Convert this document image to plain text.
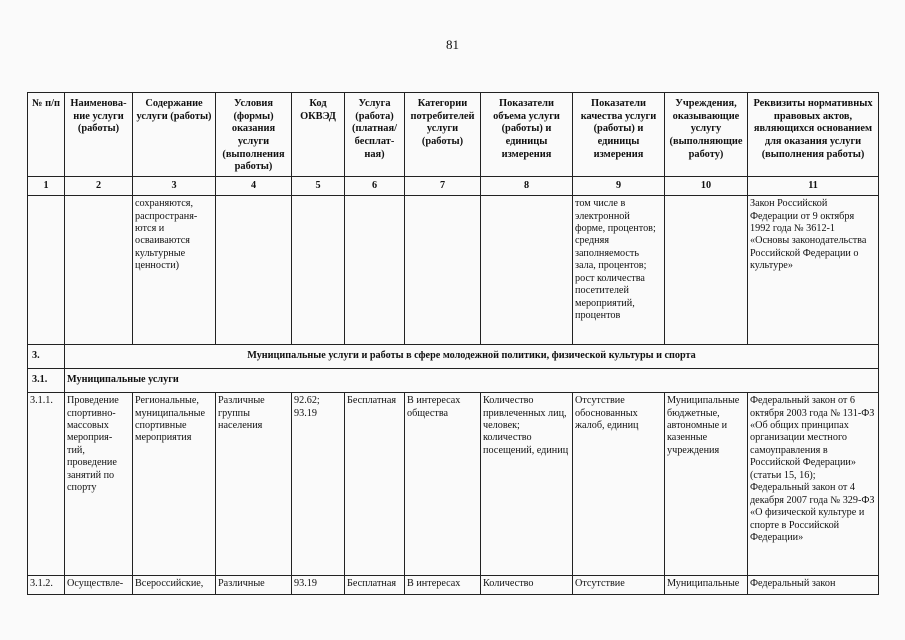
81
№ п/п	Наименова-ние услуги (работы)	Содержание услуги (работы)	Условия (формы) оказания услуги (выполнения работы)	Код ОКВЭД	Услуга (работа) (платная/ бесплат-ная)	Категории потребителей услуги (работы)	Показатели объема услуги (работы) и единицы измерения	Показатели качества услуги (работы) и единицы измерения	Учреждения, оказывающие услугу (выполняющие работу)	Реквизиты нормативных правовых актов, являющихся основанием для оказания услуги (выполнения работы)
1	2	3	4	5	6	7	8	9	10	11
		сохраняются, распространя-ются и осваиваются культурные ценности)						том числе в электронной форме, процентов; средняя заполняемость зала, процентов; рост количества посетителей мероприятий, процентов		Закон Российской Федерации от 9 октября 1992 года № 3612-1 «Основы законодательства Российской Федерации о культуре»
3.	Муниципальные услуги и работы в сфере молодежной политики, физической культуры и спорта									
3.1.	Муниципальные услуги									
3.1.1.	Проведение спортивно-массовых мероприя-тий, проведение занятий по спорту	Региональные, муниципальные спортивные мероприятия	Различные группы населения	92.62; 93.19	Бесплатная	В интересах общества	Количество привлеченных лиц, человек; количество посещений, единиц	Отсутствие обоснованных жалоб, единиц	Муниципальные бюджетные, автономные и казенные учреждения	Федеральный закон от 6 октября 2003 года № 131-ФЗ «Об общих принципах организации местного самоуправления в Российской Федерации» (статьи 15, 16); Федеральный закон от 4 декабря 2007 года № 329-ФЗ «О физической культуре и спорте в Российской Федерации»
3.1.2.	Осуществле-	Всероссийские,	Различные	93.19	Бесплатная	В интересах	Количество	Отсутствие	Муниципальные	Федеральный закон
